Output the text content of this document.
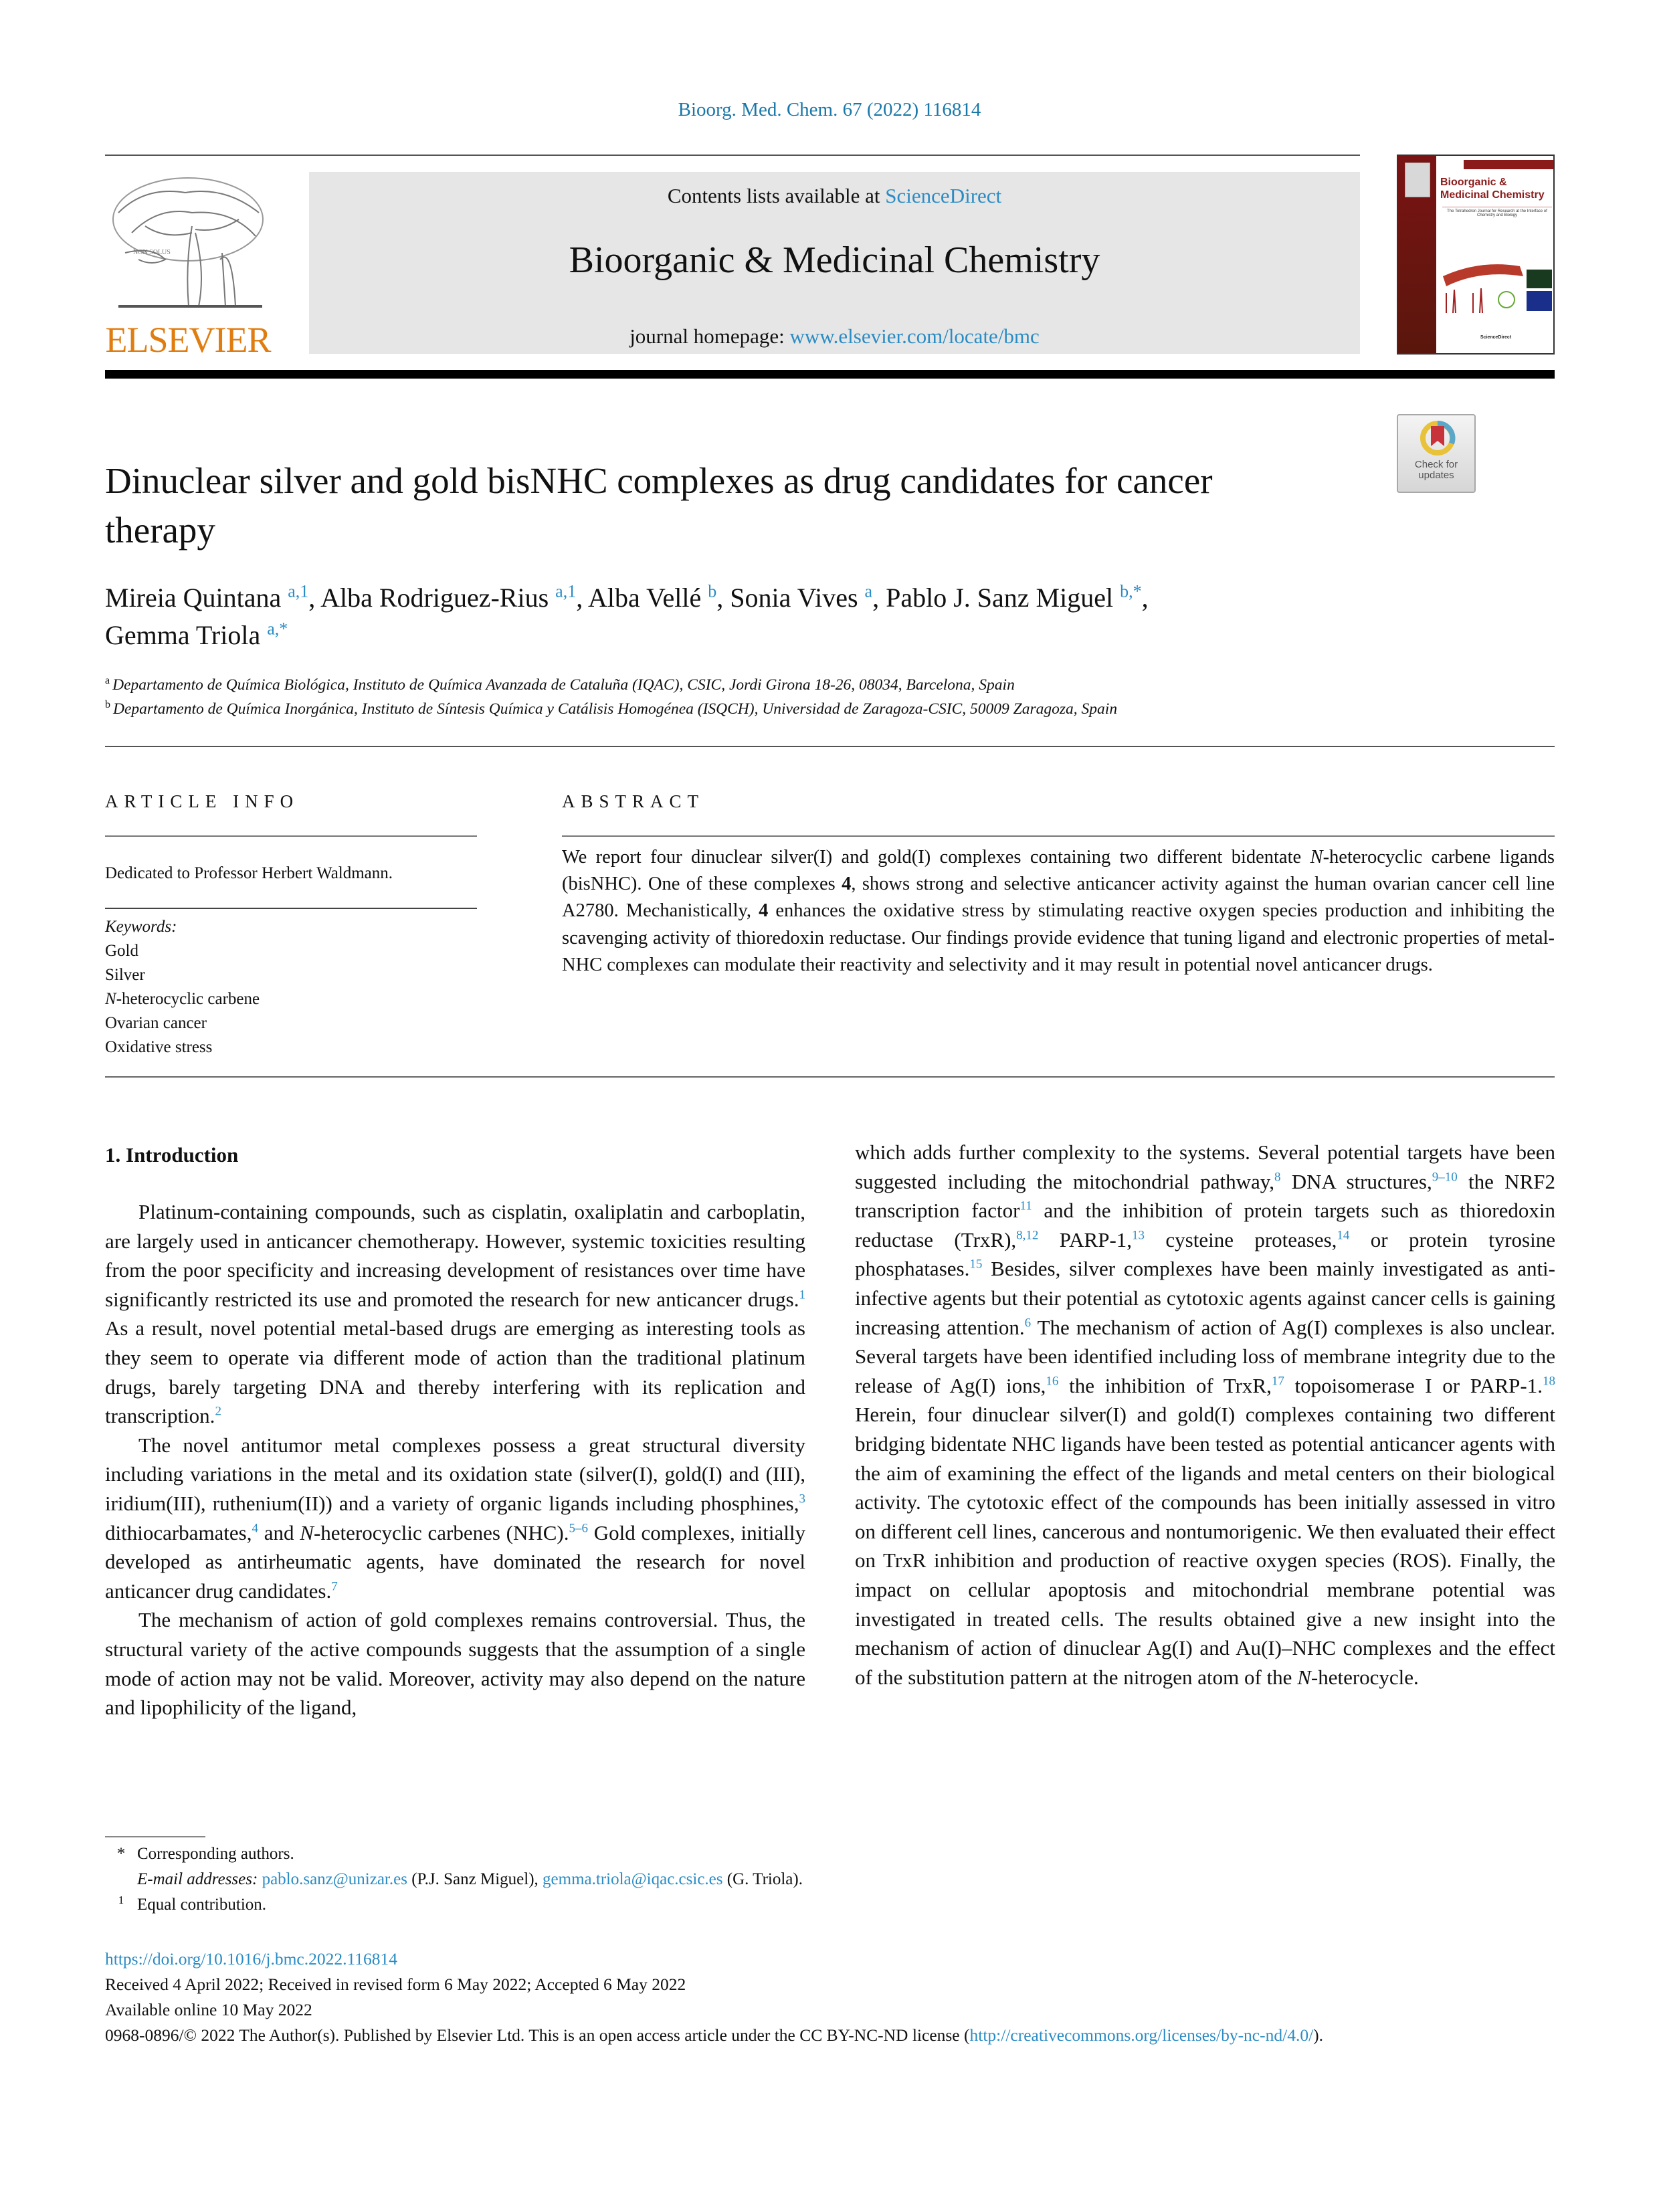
Bioorg. Med. Chem. 67 (2022) 116814
NON SOLUS
ELSEVIER
Contents lists available at ScienceDirect
Bioorganic & Medicinal Chemistry
journal homepage: www.elsevier.com/locate/bmc
Bioorganic & Medicinal Chemistry
The Tetrahedron Journal for Research at the Interface of Chemistry and Biology
ScienceDirect
Dinuclear silver and gold bisNHC complexes as drug candidates for cancer therapy
Check for updates
Mireia Quintana $^{a,1}$, Alba Rodriguez-Rius $^{a,1}$, Alba Vellé $^b$, Sonia Vives $^a$, Pablo J. Sanz Miguel $^{b,*}$,
Gemma Triola $^{a,*}$
$^a$ Departamento de Química Biológica, Instituto de Química Avanzada de Cataluña (IQAC), CSIC, Jordi Girona 18-26, 08034, Barcelona, Spain
$^b$ Departamento de Química Inorgánica, Instituto de Síntesis Química y Catálisis Homogénea (ISQCH), Universidad de Zaragoza-CSIC, 50009 Zaragoza, Spain
ARTICLE INFO	ABSTRACT
Dedicated to Professor Herbert Waldmann.
Keywords:
Gold
Silver
N-heterocyclic carbene
Ovarian cancer
Oxidative stress
We report four dinuclear silver(I) and gold(I) complexes containing two different bidentate N-heterocyclic carbene ligands (bisNHC). One of these complexes 4, shows strong and selective anticancer activity against the human ovarian cancer cell line A2780. Mechanistically, 4 enhances the oxidative stress by stimulating reactive oxygen species production and inhibiting the scavenging activity of thioredoxin reductase. Our findings provide evidence that tuning ligand and electronic properties of metal-NHC complexes can modulate their reactivity and selectivity and it may result in potential novel anticancer drugs.
1. Introduction

Platinum-containing compounds, such as cisplatin, oxaliplatin and carboplatin, are largely used in anticancer chemotherapy. However, systemic toxicities resulting from the poor specificity and increasing development of resistances over time have significantly restricted its use and promoted the research for new anticancer drugs.$^1$ As a result, novel potential metal-based drugs are emerging as interesting tools as they seem to operate via different mode of action than the traditional platinum drugs, barely targeting DNA and thereby interfering with its replication and transcription.$^2$

The novel antitumor metal complexes possess a great structural diversity including variations in the metal and its oxidation state (silver(I), gold(I) and (III), iridium(III), ruthenium(II)) and a variety of organic ligands including phosphines,$^3$ dithiocarbamates,$^4$ and N-heterocyclic carbenes (NHC).$^{5-6}$ Gold complexes, initially developed as antirheumatic agents, have dominated the research for novel anticancer drug candidates.$^7$

The mechanism of action of gold complexes remains controversial. Thus, the structural variety of the active compounds suggests that the assumption of a single mode of action may not be valid. Moreover, activity may also depend on the nature and lipophilicity of the ligand,

which adds further complexity to the systems. Several potential targets have been suggested including the mitochondrial pathway,$^8$ DNA structures,$^{9-10}$ the NRF2 transcription factor$^{11}$ and the inhibition of protein targets such as thioredoxin reductase (TrxR),$^{8,12}$ PARP-1,13 cysteine proteases,$^{14}$ or protein tyrosine phosphatases.$^{15}$ Besides, silver complexes have been mainly investigated as anti-infective agents but their potential as cytotoxic agents against cancer cells is gaining increasing attention.$^6$ The mechanism of action of Ag(I) complexes is also unclear. Several targets have been identified including loss of membrane integrity due to the release of Ag(I) ions,$^{16}$ the inhibition of TrxR,$^{17}$ topoisomerase I or PARP-1.18 Herein, four dinuclear silver(I) and gold(I) complexes containing two different bridging bidentate NHC ligands have been tested as potential anticancer agents with the aim of examining the effect of the ligands and metal centers on their biological activity. The cytotoxic effect of the compounds has been initially assessed in vitro on different cell lines, cancerous and nontumorigenic. We then evaluated their effect on TrxR inhibition and production of reactive oxygen species (ROS). Finally, the impact on cellular apoptosis and mitochondrial membrane potential was investigated in treated cells. The results obtained give a new insight into the mechanism of action of dinuclear Ag(I) and Au(I)–NHC complexes and the effect of the substitution pattern at the nitrogen atom of the N-heterocycle.

* Corresponding authors.
E-mail addresses: pablo.sanz@unizar.es (P.J. Sanz Miguel), gemma.triola@iqac.csic.es (G. Triola).
1 Equal contribution.
https://doi.org/10.1016/j.bmc.2022.116814
Received 4 April 2022; Received in revised form 6 May 2022; Accepted 6 May 2022
Available online 10 May 2022
0968-0896/© 2022 The Author(s). Published by Elsevier Ltd. This is an open access article under the CC BY-NC-ND license (http://creativecommons.org/licenses/by-nc-nd/4.0/).
